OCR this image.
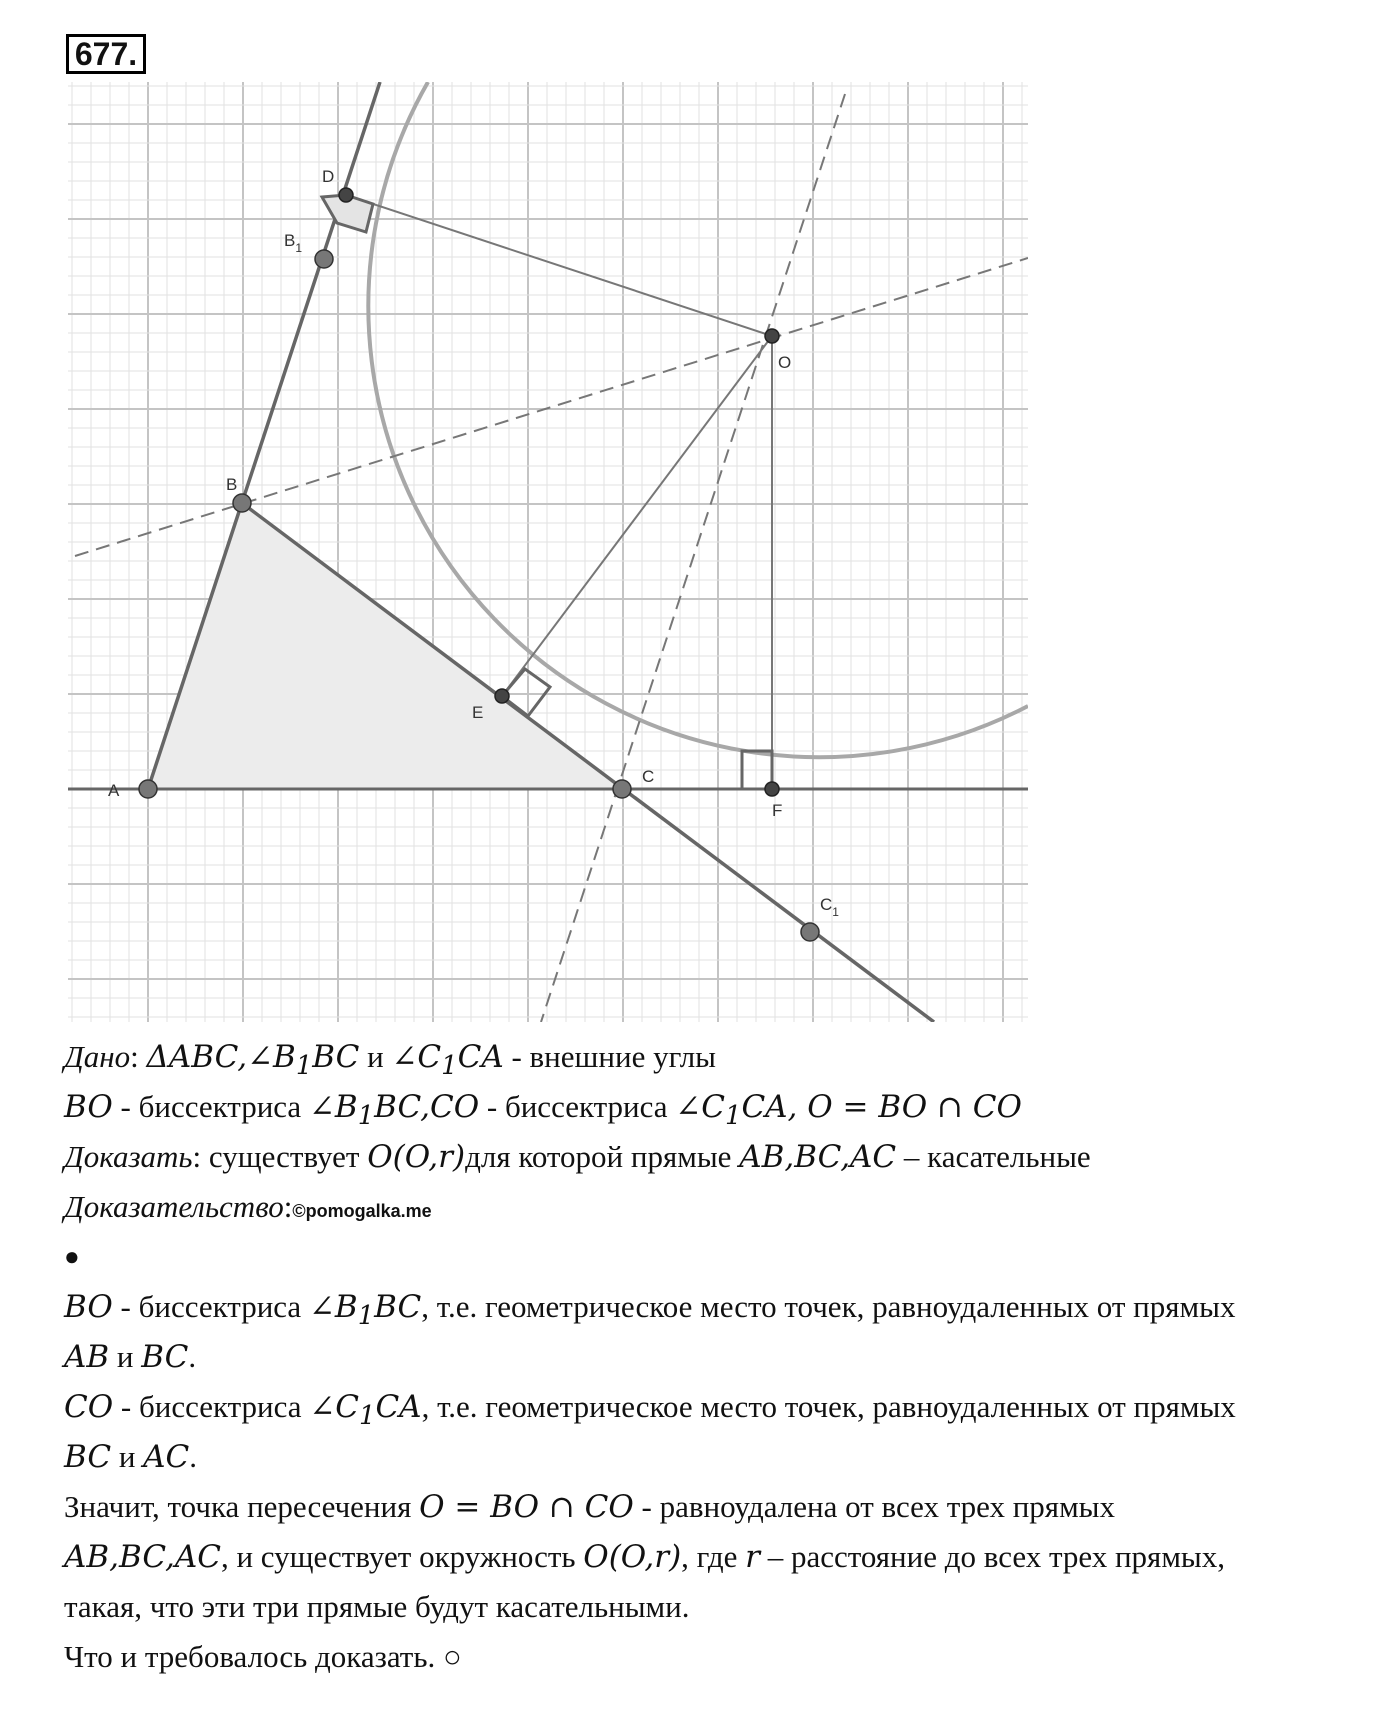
677.
D
$B_1$
O
B
E
A
C
F
$C_1$
Дано: $\Delta ABC,\angle B_1BC$ и $\angle C_1CA$ - внешние углы
BO - биссектриса $\angle B_1BC,CO$ - биссектриса $\angle C_1CA$, O = BO ∩ CO
Доказать: существует O(O,r)для которой прямые AB,BC,AC – касательные
Доказательство:©pomogalka.me
●
BO - биссектриса $\angle B_1BC$, т.е. геометрическое место точек, равноудаленных от прямых
AB и BC.
CO - биссектриса $\angle C_1CA$, т.е. геометрическое место точек, равноудаленных от прямых
BC и AC.
Значит, точка пересечения O = BO ∩ CO - равноудалена от всех трех прямых
AB,BC,AC, и существует окружность O(O,r), где r – расстояние до всех трех прямых,
такая, что эти три прямые будут касательными.
Что и требовалось доказать. ○
